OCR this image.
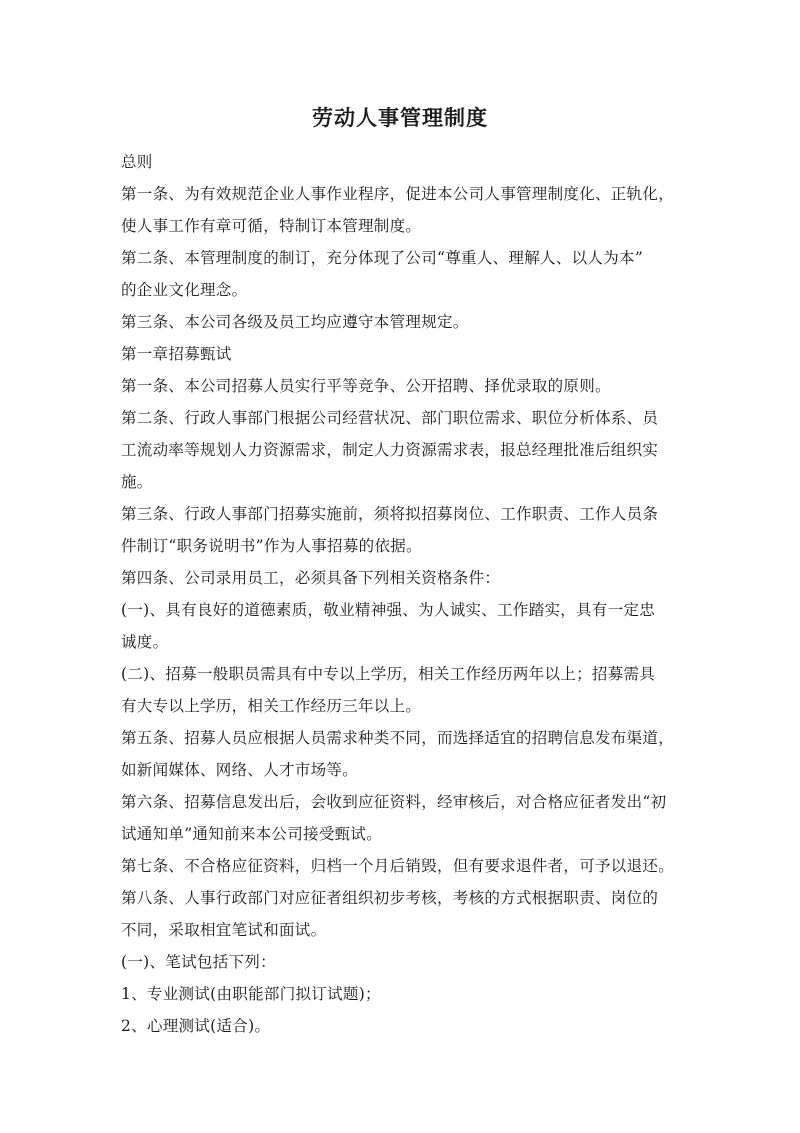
劳动人事管理制度

总则

第一条、为有效规范企业人事作业程序，促进本公司人事管理制度化、正轨化，

使人事工作有章可循，特制订本管理制度。

第二条、本管理制度的制订，充分体现了公司“尊重人、理解人、以人为本”

的企业文化理念。

第三条、本公司各级及员工均应遵守本管理规定。

第一章招募甄试

第一条、本公司招募人员实行平等竞争、公开招聘、择优录取的原则。

第二条、行政人事部门根据公司经营状况、部门职位需求、职位分析体系、员

工流动率等规划人力资源需求，制定人力资源需求表，报总经理批准后组织实

施。

第三条、行政人事部门招募实施前，须将拟招募岗位、工作职责、工作人员条

件制订“职务说明书”作为人事招募的依据。

第四条、公司录用员工，必须具备下列相关资格条件：

(一)、具有良好的道德素质，敬业精神强、为人诚实、工作踏实，具有一定忠

诚度。

(二)、招募一般职员需具有中专以上学历，相关工作经历两年以上；招募需具

有大专以上学历，相关工作经历三年以上。

第五条、招募人员应根据人员需求种类不同，而选择适宜的招聘信息发布渠道，

如新闻媒体、网络、人才市场等。

第六条、招募信息发出后，会收到应征资料，经审核后，对合格应征者发出“初

试通知单”通知前来本公司接受甄试。

第七条、不合格应征资料，归档一个月后销毁，但有要求退件者，可予以退还。

第八条、人事行政部门对应征者组织初步考核，考核的方式根据职责、岗位的

不同，采取相宜笔试和面试。

(一)、笔试包括下列：

1、专业测试(由职能部门拟订试题)；

2、心理测试(适合)。
